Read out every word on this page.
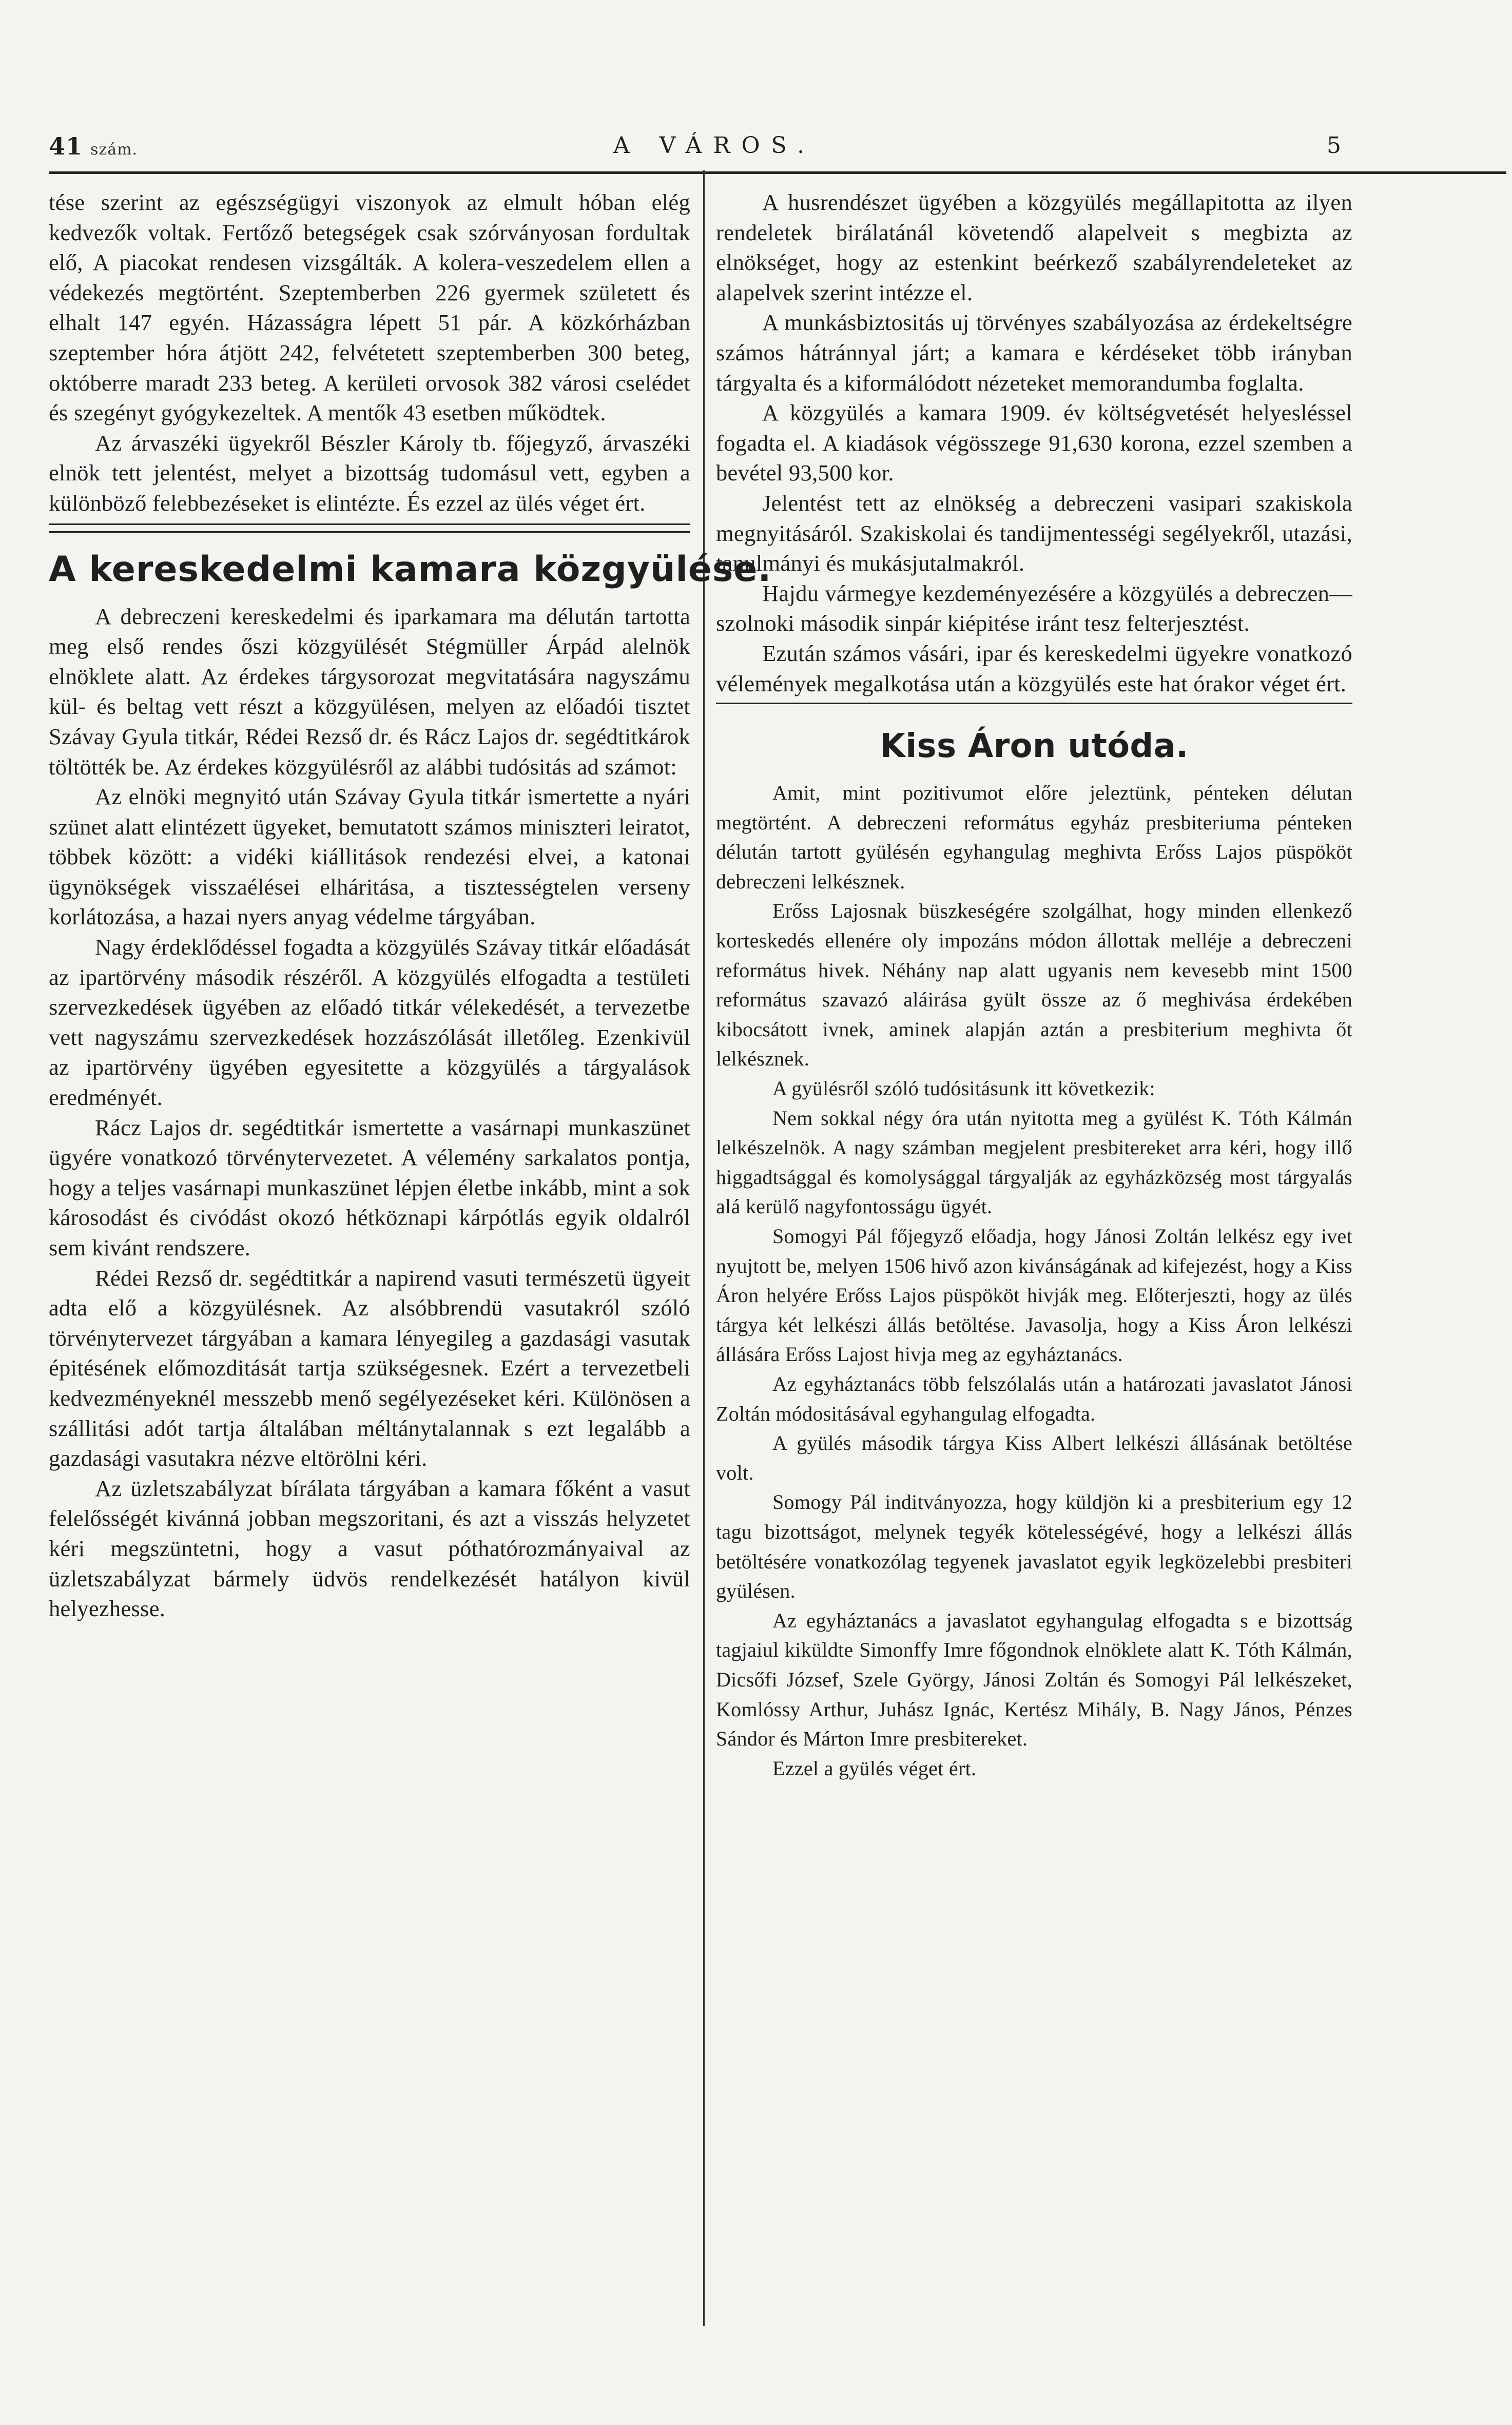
41 szám.	A VÁROS.	5

tése szerint az egészségügyi viszonyok az elmult hóban elég kedvezők voltak. Fertőző betegségek csak szórványosan fordultak elő, A piacokat rendesen vizsgálták. A kolera-veszedelem ellen a védekezés megtörtént. Szeptemberben 226 gyermek született és elhalt 147 egyén. Házasságra lépett 51 pár. A közkórházban szeptember hóra átjött 242, felvétetett szeptemberben 300 beteg, októberre maradt 233 beteg. A kerületi orvosok 382 városi cselédet és szegényt gyógykezeltek. A mentők 43 esetben működtek.

Az árvaszéki ügyekről Bészler Károly tb. főjegyző, árvaszéki elnök tett jelentést, melyet a bizottság tudomásul vett, egyben a különböző felebbezéseket is elintézte. És ezzel az ülés véget ért.

A kereskedelmi kamara közgyülése.

A debreczeni kereskedelmi és iparkamara ma délután tartotta meg első rendes őszi közgyülését Stégmüller Árpád alelnök elnöklete alatt. Az érdekes tárgysorozat megvitatására nagyszámu kül- és beltag vett részt a közgyülésen, melyen az előadói tisztet Szávay Gyula titkár, Rédei Rezső dr. és Rácz Lajos dr. segédtitkárok töltötték be. Az érdekes közgyülésről az alábbi tudósitás ad számot:

Az elnöki megnyitó után Szávay Gyula titkár ismertette a nyári szünet alatt elintézett ügyeket, bemutatott számos miniszteri leiratot, többek között: a vidéki kiállitások rendezési elvei, a katonai ügynökségek visszaélései elháritása, a tisztességtelen verseny korlátozása, a hazai nyers anyag védelme tárgyában.

Nagy érdeklődéssel fogadta a közgyülés Szávay titkár előadását az ipartörvény második részéről. A közgyülés elfogadta a testületi szervezkedések ügyében az előadó titkár vélekedését, a tervezetbe vett nagyszámu szervezkedések hozzászólását illetőleg. Ezenkivül az ipartörvény ügyében egyesitette a közgyülés a tárgyalások eredményét.

Rácz Lajos dr. segédtitkár ismertette a vasárnapi munkaszünet ügyére vonatkozó törvénytervezetet. A vélemény sarkalatos pontja, hogy a teljes vasárnapi munkaszünet lépjen életbe inkább, mint a sok károsodást és civódást okozó hétköznapi kárpótlás egyik oldalról sem kivánt rendszere.

Rédei Rezső dr. segédtitkár a napirend vasuti természetü ügyeit adta elő a közgyülésnek. Az alsóbbrendü vasutakról szóló törvénytervezet tárgyában a kamara lényegileg a gazdasági vasutak épitésének előmozditását tartja szükségesnek. Ezért a tervezetbeli kedvezményeknél messzebb menő segélyezéseket kéri. Különösen a szállitási adót tartja általában méltánytalannak s ezt legalább a gazdasági vasutakra nézve eltörölni kéri.

Az üzletszabályzat bírálata tárgyában a kamara főként a vasut felelősségét kivánná jobban megszoritani, és azt a visszás helyzetet kéri megszüntetni, hogy a vasut póthatórozmányaival az üzletszabályzat bármely üdvös rendelkezését hatályon kivül helyezhesse.

A husrendészet ügyében a közgyülés megállapitotta az ilyen rendeletek birálatánál követendő alapelveit s megbizta az elnökséget, hogy az estenkint beérkező szabályrendeleteket az alapelvek szerint intézze el.

A munkásbiztositás uj törvényes szabályozása az érdekeltségre számos hátránnyal járt; a kamara e kérdéseket több irányban tárgyalta és a kiformálódott nézeteket memorandumba foglalta.

A közgyülés a kamara 1909. év költségvetését helyesléssel fogadta el. A kiadások végösszege 91,630 korona, ezzel szemben a bevétel 93,500 kor.

Jelentést tett az elnökség a debreczeni vasipari szakiskola megnyitásáról. Szakiskolai és tandijmentességi segélyekről, utazási, tanulmányi és mukásjutalmakról.

Hajdu vármegye kezdeményezésére a közgyülés a debreczen—szolnoki második sinpár kiépitése iránt tesz felterjesztést.

Ezután számos vásári, ipar és kereskedelmi ügyekre vonatkozó vélemények megalkotása után a közgyülés este hat órakor véget ért.

Kiss Áron utóda.

Amit, mint pozitivumot előre jeleztünk, pénteken délutan megtörtént. A debreczeni református egyház presbiteriuma pénteken délután tartott gyülésén egyhangulag meghivta Erőss Lajos püspököt debreczeni lelkésznek.

Erőss Lajosnak büszkeségére szolgálhat, hogy minden ellenkező korteskedés ellenére oly impozáns módon állottak melléje a debreczeni református hivek. Néhány nap alatt ugyanis nem kevesebb mint 1500 református szavazó aláirása gyült össze az ő meghivása érdekében kibocsátott ivnek, aminek alapján aztán a presbiterium meghivta őt lelkésznek.

A gyülésről szóló tudósitásunk itt következik:

Nem sokkal négy óra után nyitotta meg a gyülést K. Tóth Kálmán lelkészelnök. A nagy számban megjelent presbitereket arra kéri, hogy illő higgadtsággal és komolysággal tárgyalják az egyházközség most tárgyalás alá kerülő nagyfontosságu ügyét.

Somogyi Pál főjegyző előadja, hogy Jánosi Zoltán lelkész egy ivet nyujtott be, melyen 1506 hivő azon kivánságának ad kifejezést, hogy a Kiss Áron helyére Erőss Lajos püspököt hivják meg. Előterjeszti, hogy az ülés tárgya két lelkészi állás betöltése. Javasolja, hogy a Kiss Áron lelkészi állására Erőss Lajost hivja meg az egyháztanács.

Az egyháztanács több felszólalás után a határozati javaslatot Jánosi Zoltán módositásával egyhangulag elfogadta.

A gyülés második tárgya Kiss Albert lelkészi állásának betöltése volt.

Somogy Pál inditványozza, hogy küldjön ki a presbiterium egy 12 tagu bizottságot, melynek tegyék kötelességévé, hogy a lelkészi állás betöltésére vonatkozólag tegyenek javaslatot egyik legközelebbi presbiteri gyülésen.

Az egyháztanács a javaslatot egyhangulag elfogadta s e bizottság tagjaiul kiküldte Simonffy Imre főgondnok elnöklete alatt K. Tóth Kálmán, Dicsőfi József, Szele György, Jánosi Zoltán és Somogyi Pál lelkészeket, Komlóssy Arthur, Juhász Ignác, Kertész Mihály, B. Nagy János, Pénzes Sándor és Márton Imre presbitereket.

Ezzel a gyülés véget ért.
